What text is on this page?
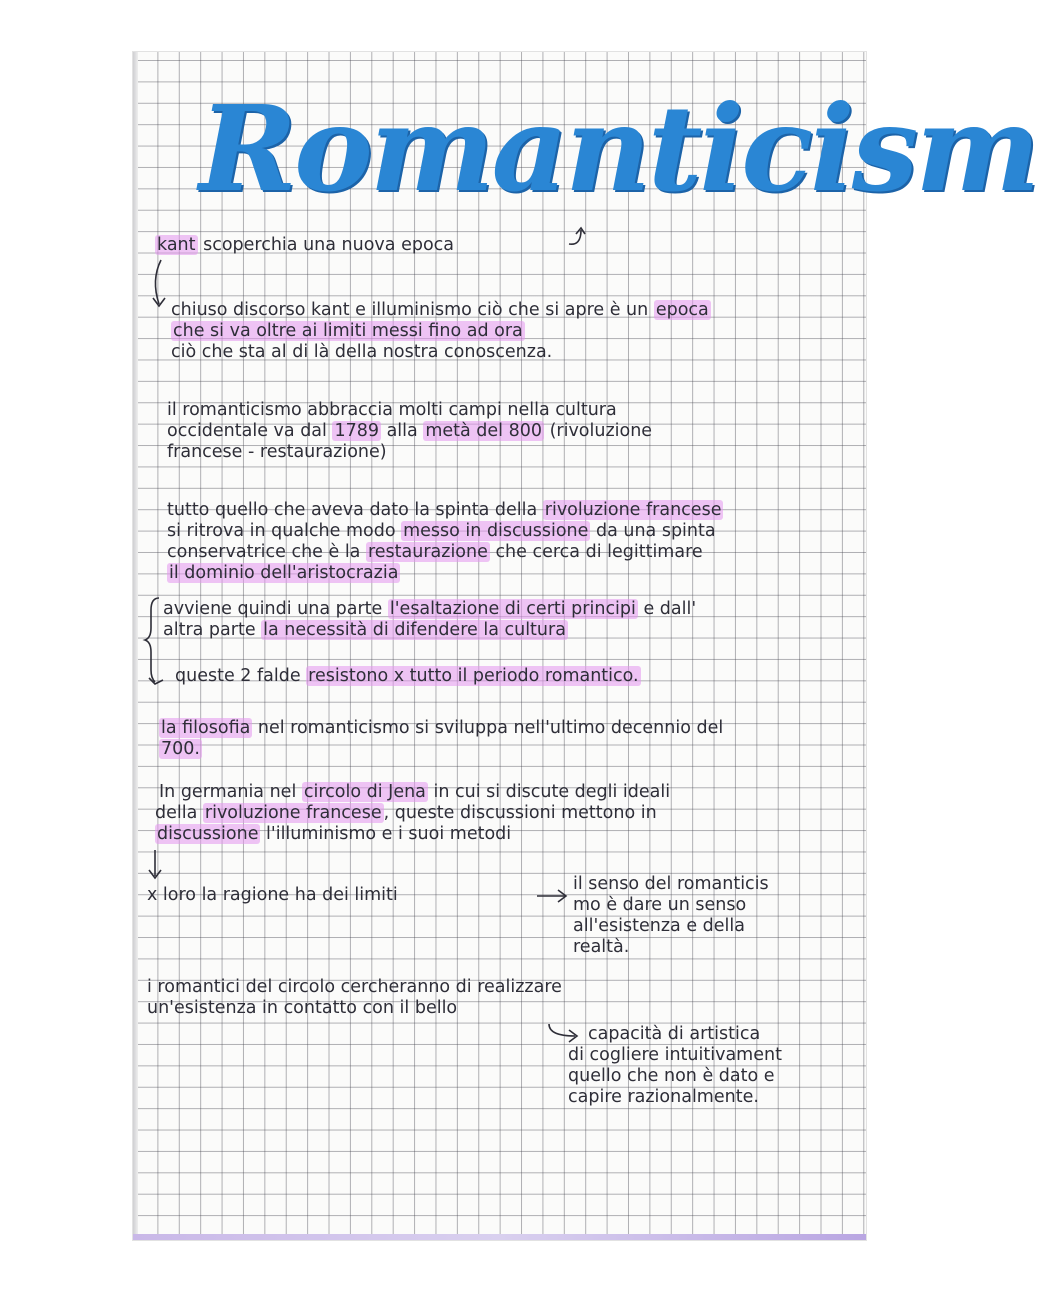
Romanticism

kant scoperchia una nuova epoca

chiuso discorso kant e illuminismo ciò che si apre è un epoca

che si va oltre ai limiti messi fino ad ora

ciò che sta al di là della nostra conoscenza.

il romanticismo abbraccia molti campi nella cultura

occidentale va dal 1789 alla metà del 800 (rivoluzione

francese - restaurazione)

tutto quello che aveva dato la spinta della rivoluzione francese

si ritrova in qualche modo messo in discussione da una spinta

conservatrice che è la restaurazione che cerca di legittimare

il dominio dell'aristocrazia

avviene quindi una parte l'esaltazione di certi principi e dall'

altra parte la necessità di difendere la cultura

queste 2 falde resistono x tutto il periodo romantico.

la filosofia nel romanticismo si sviluppa nell'ultimo decennio del

700.

In germania nel circolo di Jena in cui si discute degli ideali

della rivoluzione francese , queste discussioni mettono in

discussione l'illuminismo e i suoi metodi

x loro la ragione ha dei limiti

il senso del romanticis

mo è dare un senso

all'esistenza e della

realtà.

i romantici del circolo cercheranno di realizzare

un'esistenza in contatto con il bello

capacità di artistica

di cogliere intuitivament

quello che non è dato e

capire razionalmente.
